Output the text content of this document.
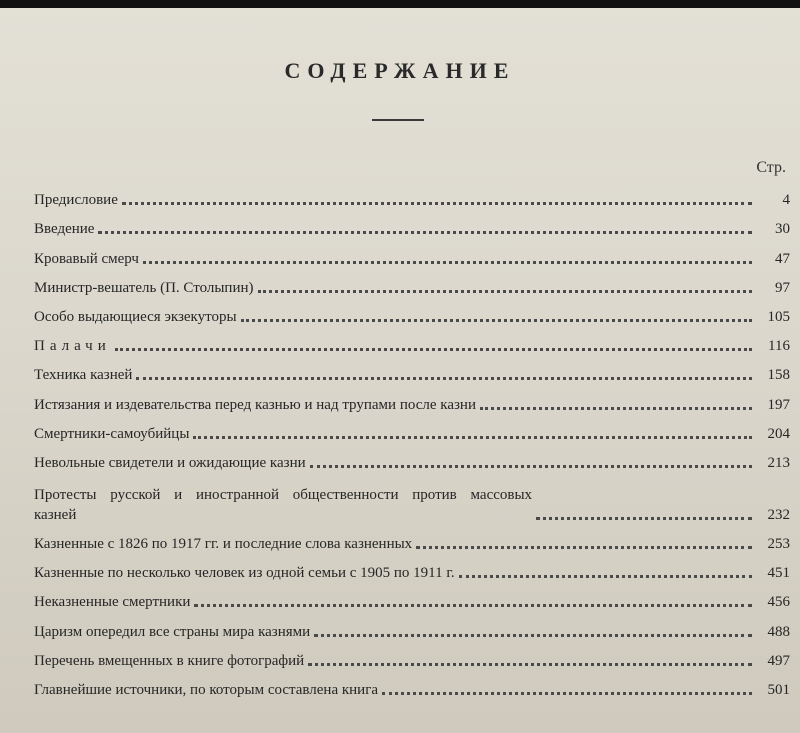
СОДЕРЖАНИЕ
Стр.
Предисловие	4
Введение	30
Кровавый смерч	47
Министр-вешатель (П. Столыпин)	97
Особо выдающиеся экзекуторы	105
Палачи	116
Техника казней	158
Истязания и издевательства перед казнью и над трупами после казни	197
Смертники-самоубийцы	204
Невольные свидетели и ожидающие казни	213
Протесты русской и иностранной общественности против массовых
казней	232
Казненные с 1826 по 1917 гг. и последние слова казненных	253
Казненные по несколько человек из одной семьи с 1905 по 1911 г.	451
Неказненные смертники	456
Царизм опередил все страны мира казнями	488
Перечень вмещенных в книге фотографий	497
Главнейшие источники, по которым составлена книга	501
